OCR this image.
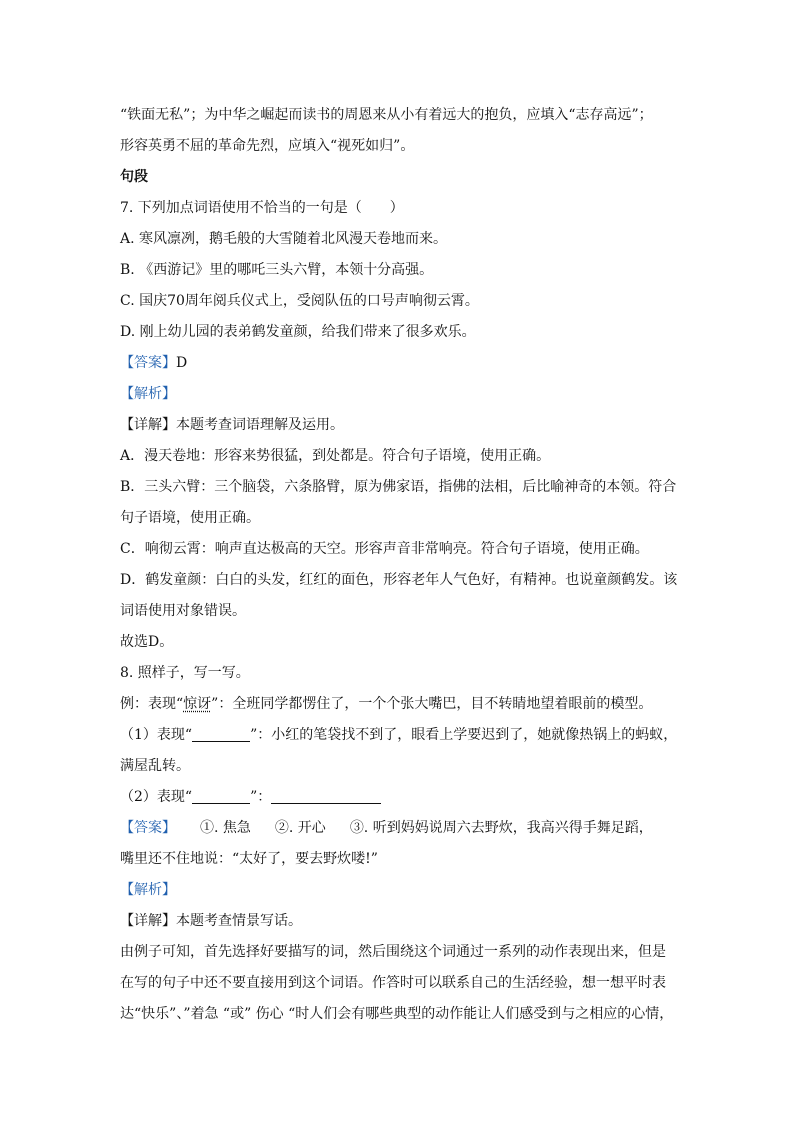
“铁面无私”；为中华之崛起而读书的周恩来从小有着远大的抱负，应填入“志存高远”；
形容英勇不屈的革命先烈，应填入“视死如归”。
句段
7. 下列加点词语使用不恰当的一句是（　　）
A. 寒风凛冽，鹅毛般的大雪随着北风漫天卷地而来。
B. 《西游记》里的哪吒三头六臂，本领十分高强。
C. 国庆70周年阅兵仪式上，受阅队伍的口号声响彻云霄。
D. 刚上幼儿园的表弟鹤发童颜，给我们带来了很多欢乐。
【答案】D
【解析】
【详解】本题考查词语理解及运用。
A．漫天卷地：形容来势很猛，到处都是。符合句子语境，使用正确。
B．三头六臂：三个脑袋，六条胳臂，原为佛家语，指佛的法相，后比喻神奇的本领。符合
句子语境，使用正确。
C．响彻云霄：响声直达极高的天空。形容声音非常响亮。符合句子语境，使用正确。
D．鹤发童颜：白白的头发，红红的面色，形容老年人气色好，有精神。也说童颜鹤发。该
词语使用对象错误。
故选D。
8. 照样子，写一写。
例：表现“惊讶”：全班同学都愣住了，一个个张大嘴巴，目不转睛地望着眼前的模型。
（1）表现“	”：小红的笔袋找不到了，眼看上学要迟到了，她就像热锅上的蚂蚁，
满屋乱转。
（2）表现“	”：
【答案】 ①. 焦急 ②. 开心 ③. 听到妈妈说周六去野炊，我高兴得手舞足蹈，
嘴里还不住地说：“太好了，要去野炊喽!”
【解析】
【详解】本题考查情景写话。
由例子可知，首先选择好要描写的词，然后围绕这个词通过一系列的动作表现出来，但是
在写的句子中还不要直接用到这个词语。作答时可以联系自己的生活经验，想一想平时表
达“快乐”、”着急 “或” 伤心 “时人们会有哪些典型的动作能让人们感受到与之相应的心情，
